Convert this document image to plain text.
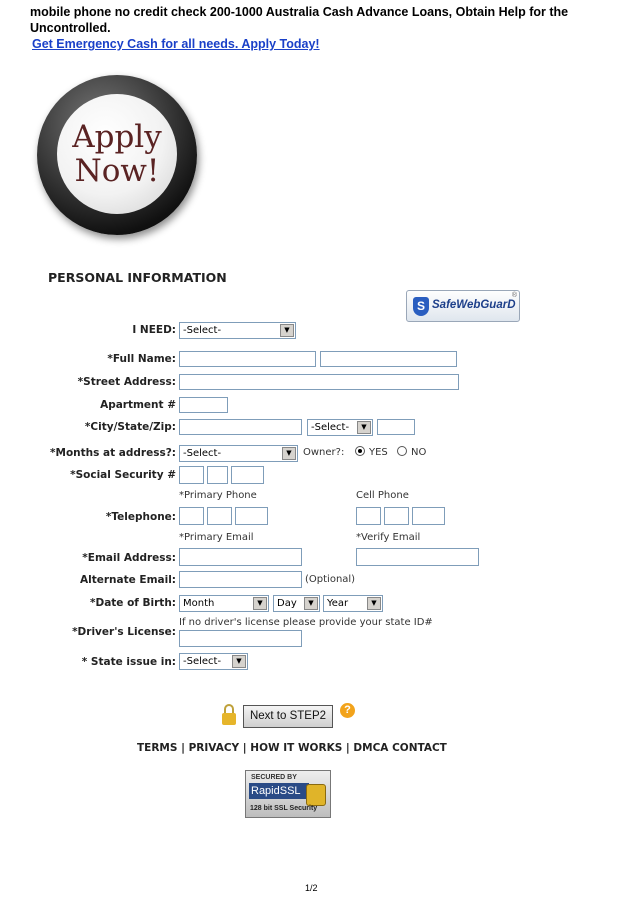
mobile phone no credit check 200-1000 Australia Cash Advance Loans, Obtain Help for the Uncontrolled.
Get Emergency Cash for all needs. Apply Today!
Apply
Now!
PERSONAL INFORMATION
S SafeWebGuarD
®
I NEED: -Select-	▼
*Full Name:
*Street Address:
Apartment #
*City/State/Zip:	-Select-	▼
*Months at address?: -Select-	▼	Owner?: YES NO
*Social Security #
*Primary Phone	Cell Phone
*Telephone:
*Primary Email	*Verify Email
*Email Address:
Alternate Email:	(Optional)
*Date of Birth: Month	▼	Day	▼	Year	▼
If no driver's license please provide your state ID#
*Driver's License:
* State issue in: -Select-	▼
Next to STEP2	?
TERMS | PRIVACY | HOW IT WORKS | DMCA CONTACT
SECURED BY
RapidSSL
128 bit SSL Security
1/2
